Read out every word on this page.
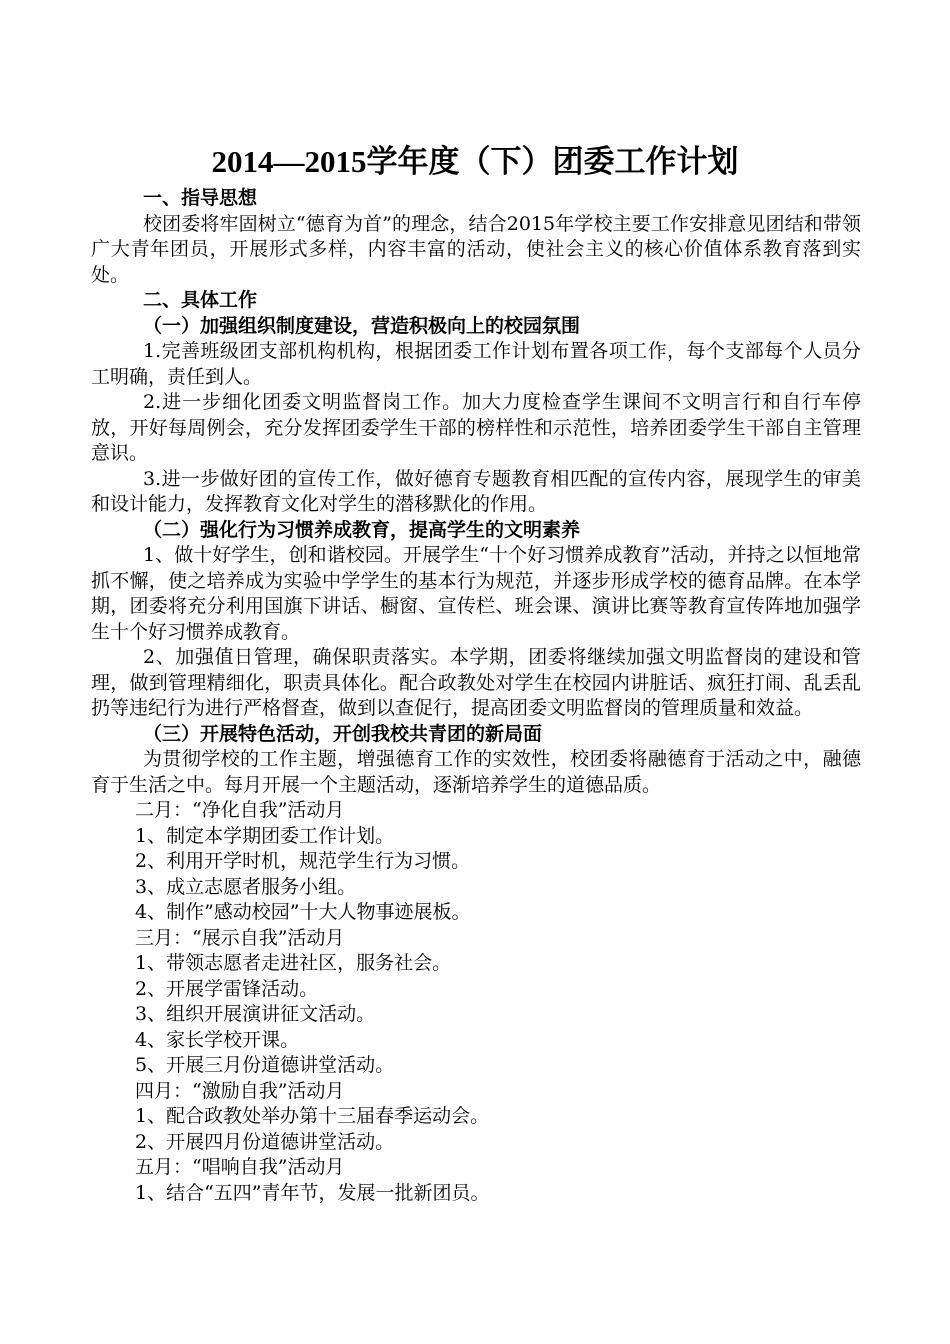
2014—2015学年度（下）团委工作计划

一、指导思想

校团委将牢固树立“德育为首”的理念，结合2015年学校主要工作安排意见团结和带领广大青年团员，开展形式多样，内容丰富的活动，使社会主义的核心价值体系教育落到实处。

二、具体工作

（一）加强组织制度建设，营造积极向上的校园氛围

1.完善班级团支部机构机构，根据团委工作计划布置各项工作，每个支部每个人员分工明确，责任到人。

2.进一步细化团委文明监督岗工作。加大力度检查学生课间不文明言行和自行车停放，开好每周例会，充分发挥团委学生干部的榜样性和示范性，培养团委学生干部自主管理意识。

3.进一步做好团的宣传工作，做好德育专题教育相匹配的宣传内容，展现学生的审美和设计能力，发挥教育文化对学生的潜移默化的作用。

（二）强化行为习惯养成教育，提高学生的文明素养

1、做十好学生，创和谐校园。开展学生“十个好习惯养成教育”活动，并持之以恒地常抓不懈，使之培养成为实验中学学生的基本行为规范，并逐步形成学校的德育品牌。在本学期，团委将充分利用国旗下讲话、橱窗、宣传栏、班会课、演讲比赛等教育宣传阵地加强学生十个好习惯养成教育。

2、加强值日管理，确保职责落实。本学期，团委将继续加强文明监督岗的建设和管理，做到管理精细化，职责具体化。配合政教处对学生在校园内讲脏话、疯狂打闹、乱丢乱扔等违纪行为进行严格督查，做到以查促行，提高团委文明监督岗的管理质量和效益。

（三）开展特色活动，开创我校共青团的新局面

为贯彻学校的工作主题，增强德育工作的实效性，校团委将融德育于活动之中，融德育于生活之中。每月开展一个主题活动，逐渐培养学生的道德品质。

二月：“净化自我”活动月

1、制定本学期团委工作计划。

2、利用开学时机，规范学生行为习惯。

3、成立志愿者服务小组。

4、制作”感动校园”十大人物事迹展板。

三月：“展示自我”活动月

1、带领志愿者走进社区，服务社会。

2、开展学雷锋活动。

3、组织开展演讲征文活动。

4、家长学校开课。

5、开展三月份道德讲堂活动。

四月：“激励自我”活动月

1、配合政教处举办第十三届春季运动会。

2、开展四月份道德讲堂活动。

五月：“唱响自我”活动月

1、结合“五四”青年节，发展一批新团员。
